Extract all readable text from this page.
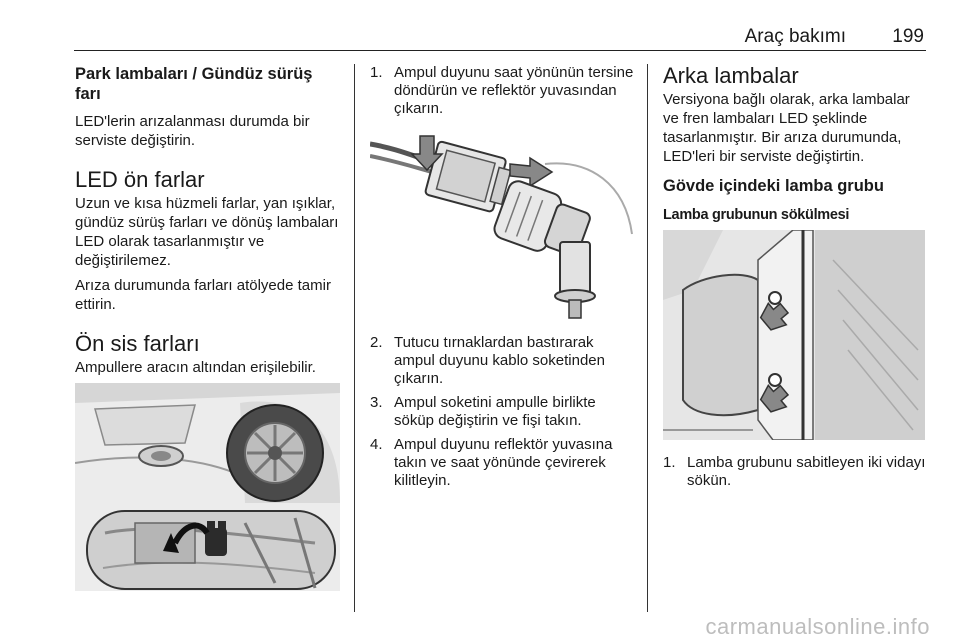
Araç bakımı 199
Park lambaları / Gündüz sürüş farı
LED'lerin arızalanması durumda bir serviste değiştirin.
LED ön farlar
Uzun ve kısa hüzmeli farlar, yan ışıklar, gündüz sürüş farları ve dönüş lambaları LED olarak tasarlanmıştır ve değiştirilemez.
Arıza durumunda farları atölyede tamir ettirin.
Ön sis farları
Ampullere aracın altından erişilebilir.
1. Ampul duyunu saat yönünün tersine döndürün ve reflektör yuvasından çıkarın.
2. Tutucu tırnaklardan bastırarak ampul duyunu kablo soketinden çıkarın.
3. Ampul soketini ampulle birlikte söküp değiştirin ve fişi takın.
4. Ampul duyunu reflektör yuvasına takın ve saat yönünde çevirerek kilitleyin.
Arka lambalar
Versiyona bağlı olarak, arka lambalar ve fren lambaları LED şeklinde tasarlanmıştır. Bir arıza durumunda, LED'leri bir serviste değiştirtin.
Gövde içindeki lamba grubu
Lamba grubunun sökülmesi
1. Lamba grubunu sabitleyen iki vidayı sökün.
carmanualsonline.info
